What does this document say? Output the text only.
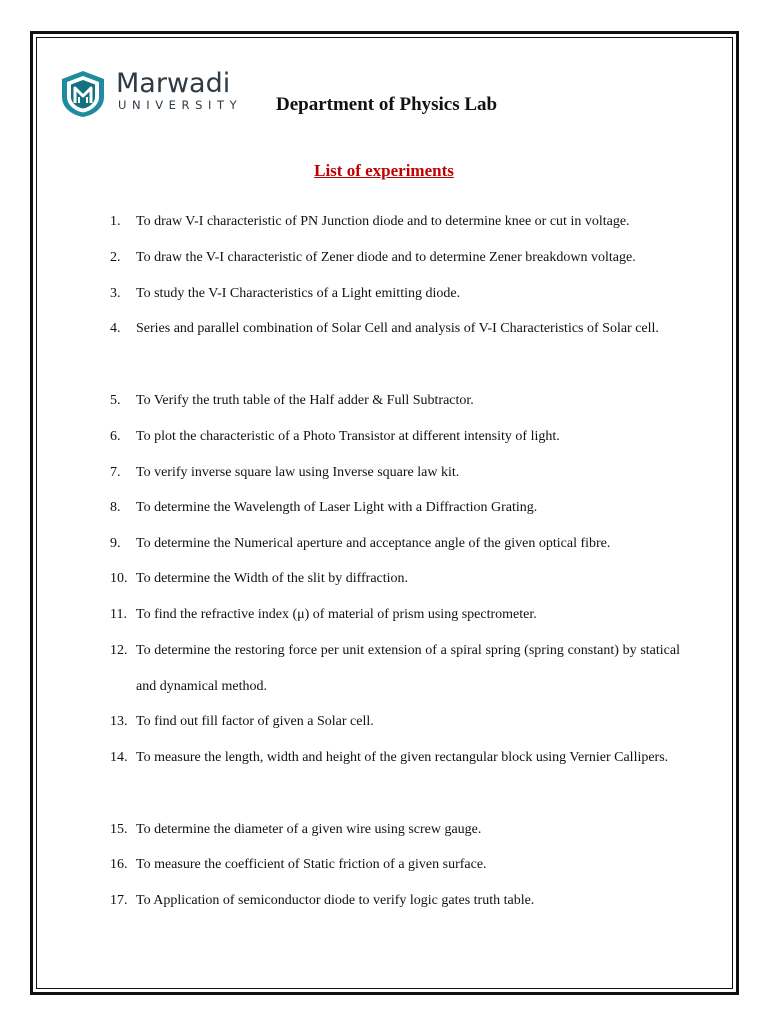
Marwadi
UNIVERSITY Department of Physics Lab
List of experiments
1.	To draw V-I characteristic of PN Junction diode and to determine knee or cut in voltage.
2.	To draw the V-I characteristic of Zener diode and to determine Zener breakdown voltage.
3.	To study the V-I Characteristics of a Light emitting diode.
4.	Series and parallel combination of Solar Cell and analysis of V-I Characteristics of Solar cell.
5.	To Verify the truth table of the Half adder & Full Subtractor.
6.	To plot the characteristic of a Photo Transistor at different intensity of light.
7.	To verify inverse square law using Inverse square law kit.
8.	To determine the Wavelength of Laser Light with a Diffraction Grating.
9.	To determine the Numerical aperture and acceptance angle of the given optical fibre.
10. To determine the Width of the slit by diffraction.
11. To find the refractive index (μ) of material of prism using spectrometer.
12. To determine the restoring force per unit extension of a spiral spring (spring constant) by statical and dynamical method.
13. To find out fill factor of given a Solar cell.
14. To measure the length, width and height of the given rectangular block using Vernier Callipers.
15. To determine the diameter of a given wire using screw gauge.
16. To measure the coefficient of Static friction of a given surface.
17. To Application of semiconductor diode to verify logic gates truth table.
